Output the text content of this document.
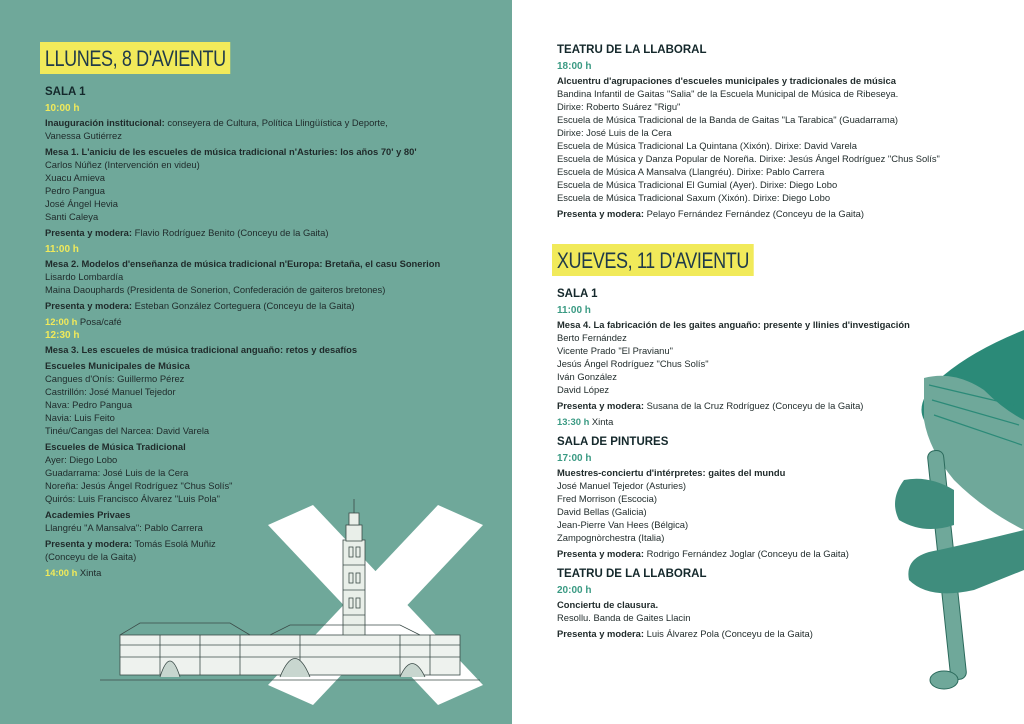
LLUNES, 8 D'AVIENTU
SALA 1
10:00 h
Inauguración institucional: conseyera de Cultura, Política Llingüística y Deporte,
Vanessa Gutiérrez
Mesa 1. L'aniciu de les escueles de música tradicional n'Asturies: los años 70' y 80'
Carlos Núñez (Intervención en videu)
Xuacu Amieva
Pedro Pangua
José Ángel Hevia
Santi Caleya
Presenta y modera: Flavio Rodríguez Benito (Conceyu de la Gaita)
11:00 h
Mesa 2. Modelos d'enseñanza de música tradicional n'Europa: Bretaña, el casu Sonerion
Lisardo Lombardía
Maina Daouphards (Presidenta de Sonerion, Confederación de gaiteros bretones)
Presenta y modera: Esteban González Corteguera (Conceyu de la Gaita)
12:00 h Posa/café
12:30 h
Mesa 3. Les escueles de música tradicional anguaño: retos y desafíos
Escueles Municipales de Música
Cangues d'Onís: Guillermo Pérez
Castrillón: José Manuel Tejedor
Nava: Pedro Pangua
Navia: Luis Feito
Tinéu/Cangas del Narcea: David Varela
Escueles de Música Tradicional
Ayer: Diego Lobo
Guadarrama: José Luis de la Cera
Noreña: Jesús Ángel Rodríguez "Chus Solís"
Quirós: Luis Francisco Álvarez "Luis Pola"
Academies Privaes
Llangréu "A Mansalva": Pablo Carrera
Presenta y modera: Tomás Esolá Muñiz
(Conceyu de la Gaita)
14:00 h Xinta
TEATRU DE LA LLABORAL
18:00 h
Alcuentru d'agrupaciones d'escueles municipales y tradicionales de música
Bandina Infantil de Gaitas "Salia" de la Escuela Municipal de Música de Ribeseya.
Dirixe: Roberto Suárez "Rigu"
Escuela de Música Tradicional de la Banda de Gaitas "La Tarabica" (Guadarrama)
Dirixe: José Luis de la Cera
Escuela de Música Tradicional La Quintana (Xixón). Dirixe: David Varela
Escuela de Música y Danza Popular de Noreña. Dirixe: Jesús Ángel Rodríguez "Chus Solís"
Escuela de Música A Mansalva (Llangréu). Dirixe: Pablo Carrera
Escuela de Música Tradicional El Gumial (Ayer). Dirixe: Diego Lobo
Escuela de Música Tradicional Saxum (Xixón). Dirixe: Diego Lobo
Presenta y modera: Pelayo Fernández Fernández (Conceyu de la Gaita)
XUEVES, 11 D'AVIENTU
SALA 1
11:00 h
Mesa 4. La fabricación de les gaites anguaño: presente y llinies d'investigación
Berto Fernández
Vicente Prado "El Pravianu"
Jesús Ángel Rodríguez "Chus Solís"
Iván González
David López
Presenta y modera: Susana de la Cruz Rodríguez (Conceyu de la Gaita)
13:30 h Xinta
SALA DE PINTURES
17:00 h
Muestres-conciertu d'intérpretes: gaites del mundu
José Manuel Tejedor (Asturies)
Fred Morrison (Escocia)
David Bellas (Galicia)
Jean-Pierre Van Hees (Bélgica)
Zampognòrchestra (Italia)
Presenta y modera: Rodrigo Fernández Joglar (Conceyu de la Gaita)
TEATRU DE LA LLABORAL
20:00 h
Conciertu de clausura.
Resollu. Banda de Gaites Llacin
Presenta y modera: Luis Álvarez Pola (Conceyu de la Gaita)
